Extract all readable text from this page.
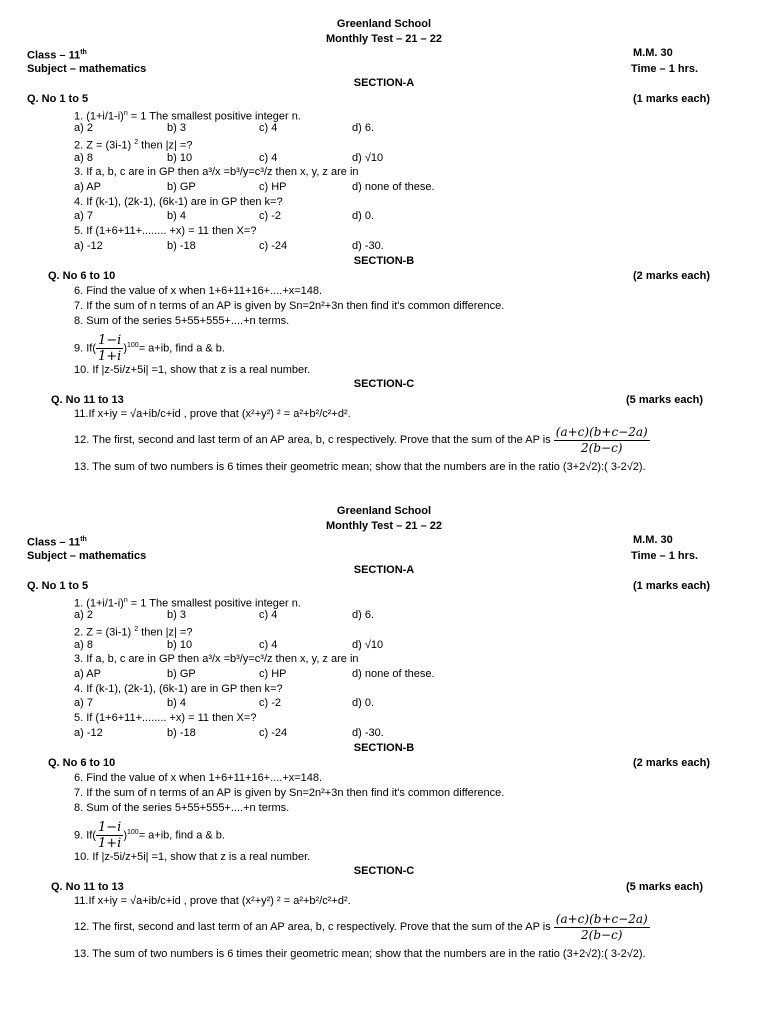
Greenland School
Monthly Test – 21 – 22
Class – 11th	M.M. 30
Subject – mathematics	Time – 1 hrs.
SECTION-A
Q. No 1 to 5	(1 marks each)
1. $(1+i/1-i)^n = 1$ The smallest positive integer n.
a) 2	b) 3	c) 4	d) 6.
2. Z = (3i-1) $^2$ then |z| =?
a) 8	b) 10	c) 4	d) √10
3. If a, b, c are in GP then a³/x =b³/y=c³/z then x, y, z are in
a) AP	b) GP	c) HP	d) none of these.
4. If (k-1), (2k-1), (6k-1) are in GP then k=?
a) 7	b) 4	c) -2	d) 0.
5. If (1+6+11+........ +x) = 11 then X=?
a) -12	b) -18	c) -24	d) -30.
SECTION-B
Q. No 6 to 10	(2 marks each)
6. Find the value of x when 1+6+11+16+....+x=148.
7. If the sum of n terms of an AP is given by Sn=2n²+3n then find it's common difference.
8. Sum of the series 5+55+555+....+n terms.
9. $If( \frac{1-i}{1+i} )^{100}= a+ib$, find a & b.
10. If |z-5i/z+5i| =1, show that z is a real number.
SECTION-C
Q. No 11 to 13	(5 marks each)
11.If x+iy = √a+ib/c+id , prove that (x²+y²) ² = a²+b²/c²+d².
12. The first, second and last term of an AP area, b, c respectively. Prove that the sum of the AP is $\frac{(a+c)(b+c-2a)}{2(b-c)}$
13. The sum of two numbers is 6 times their geometric mean; show that the numbers are in the ratio (3+2√2):( 3-2√2).
Greenland School
Monthly Test – 21 – 22
Class – 11th	M.M. 30
Subject – mathematics	Time – 1 hrs.
SECTION-A
Q. No 1 to 5	(1 marks each)
1. $(1+i/1-i)^n = 1$ The smallest positive integer n.
a) 2	b) 3	c) 4	d) 6.
2. Z = (3i-1) $^2$ then |z| =?
a) 8	b) 10	c) 4	d) √10
3. If a, b, c are in GP then a³/x =b³/y=c³/z then x, y, z are in
a) AP	b) GP	c) HP	d) none of these.
4. If (k-1), (2k-1), (6k-1) are in GP then k=?
a) 7	b) 4	c) -2	d) 0.
5. If (1+6+11+........ +x) = 11 then X=?
a) -12	b) -18	c) -24	d) -30.
SECTION-B
Q. No 6 to 10	(2 marks each)
6. Find the value of x when 1+6+11+16+....+x=148.
7. If the sum of n terms of an AP is given by Sn=2n²+3n then find it's common difference.
8. Sum of the series 5+55+555+....+n terms.
9. $If( \frac{1-i}{1+i} )^{100}= a+ib$, find a & b.
10. If |z-5i/z+5i| =1, show that z is a real number.
SECTION-C
Q. No 11 to 13	(5 marks each)
11.If x+iy = √a+ib/c+id , prove that (x²+y²) ² = a²+b²/c²+d².
12. The first, second and last term of an AP area, b, c respectively. Prove that the sum of the AP is $\frac{(a+c)(b+c-2a)}{2(b-c)}$
13. The sum of two numbers is 6 times their geometric mean; show that the numbers are in the ratio (3+2√2):( 3-2√2).
